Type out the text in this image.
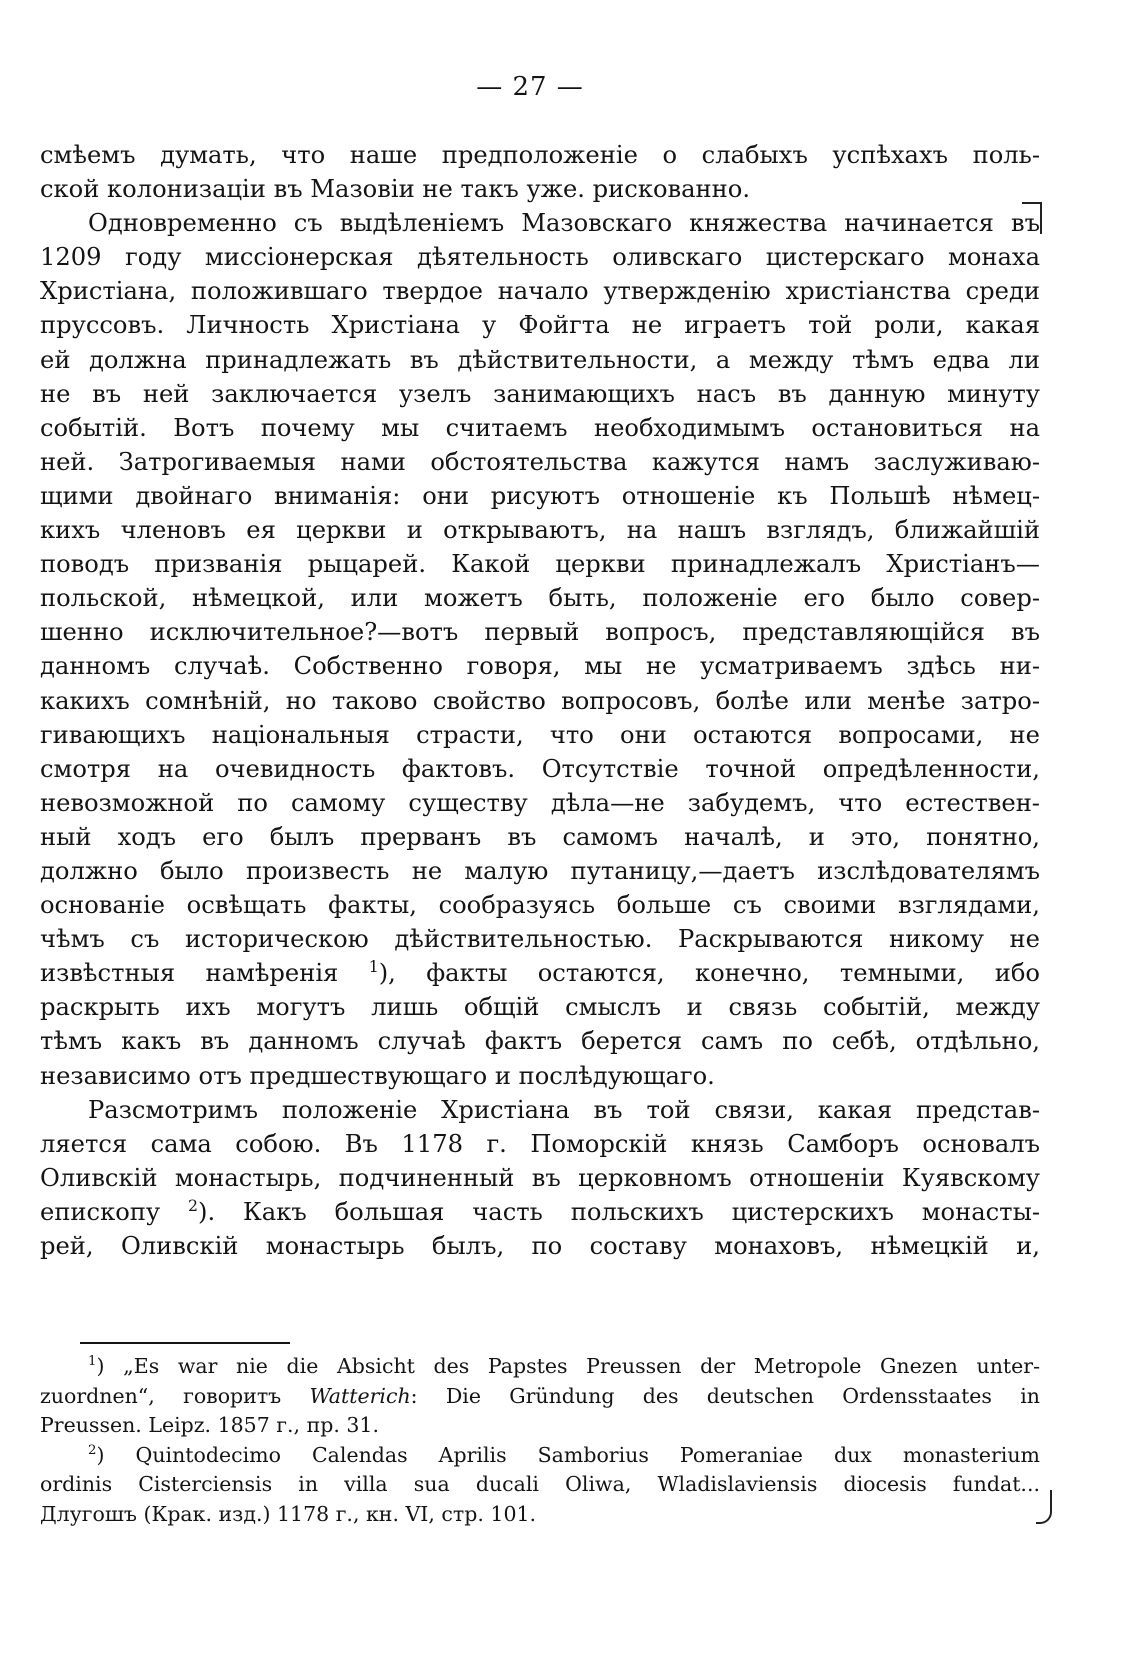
— 27 —

смѣемъ думать, что наше предположеніе о слабыхъ успѣхахъ поль-
ской колонизаціи въ Мазовіи не такъ уже. рискованно.

Одновременно съ выдѣленіемъ Мазовскаго княжества начинается въ
1209 году миссіонерская дѣятельность оливскаго цистерскаго монаха
Христіана, положившаго твердое начало утвержденію христіанства среди
пруссовъ. Личность Христіана у Фойгта не играетъ той роли, какая
ей должна принадлежать въ дѣйствительности, а между тѣмъ едва ли
не въ ней заключается узелъ занимающихъ насъ въ данную минуту
событій. Вотъ почему мы считаемъ необходимымъ остановиться на
ней. Затрогиваемыя нами обстоятельства кажутся намъ заслуживаю-
щими двойнаго вниманія: они рисуютъ отношеніе къ Польшѣ нѣмец-
кихъ членовъ ея церкви и открываютъ, на нашъ взглядъ, ближайшій
поводъ призванія рыцарей. Какой церкви принадлежалъ Христіанъ—
польской, нѣмецкой, или можетъ быть, положеніе его было совер-
шенно исключительное?—вотъ первый вопросъ, представляющійся въ
данномъ случаѣ. Собственно говоря, мы не усматриваемъ здѣсь ни-
какихъ сомнѣній, но таково свойство вопросовъ, болѣе или менѣе затро-
гивающихъ національныя страсти, что они остаются вопросами, не
смотря на очевидность фактовъ. Отсутствіе точной опредѣленности,
невозможной по самому существу дѣла—не забудемъ, что естествен-
ный ходъ его былъ прерванъ въ самомъ началѣ, и это, понятно,
должно было произвесть не малую путаницу,—даетъ изслѣдователямъ
основаніе освѣщать факты, сообразуясь больше съ своими взглядами,
чѣмъ съ историческою дѣйствительностью. Раскрываются никому не
извѣстныя намѣренія $^1$), факты остаются, конечно, темными, ибо
раскрыть ихъ могутъ лишь общій смыслъ и связь событій, между
тѣмъ какъ въ данномъ случаѣ фактъ берется самъ по себѣ, отдѣльно,
независимо отъ предшествующаго и послѣдующаго.

Разсмотримъ положеніе Христіана въ той связи, какая представ-
ляется сама собою. Въ 1178 г. Поморскій князь Самборъ основалъ
Оливскій монастырь, подчиненный въ церковномъ отношеніи Куявскому
епископу $^2$). Какъ большая часть польскихъ цистерскихъ монасты-
рей, Оливскій монастырь былъ, по составу монаховъ, нѣмецкій и,

$^1$) „Es war nie die Absicht des Papstes Preussen der Metropole Gnezen unter-
zuordnen“, говоритъ Watterich: Die Gründung des deutschen Ordensstaates in
Preussen. Leipz. 1857 г., пр. 31.
$^2$) Quintodecimo Calendas Aprilis Samborius Pomeraniae dux monasterium
ordinis Cisterciensis in villa sua ducali Oliwa, Wladislaviensis diocesis fundat...
Длугошъ (Крак. изд.) 1178 г., кн. VI, стр. 101.
